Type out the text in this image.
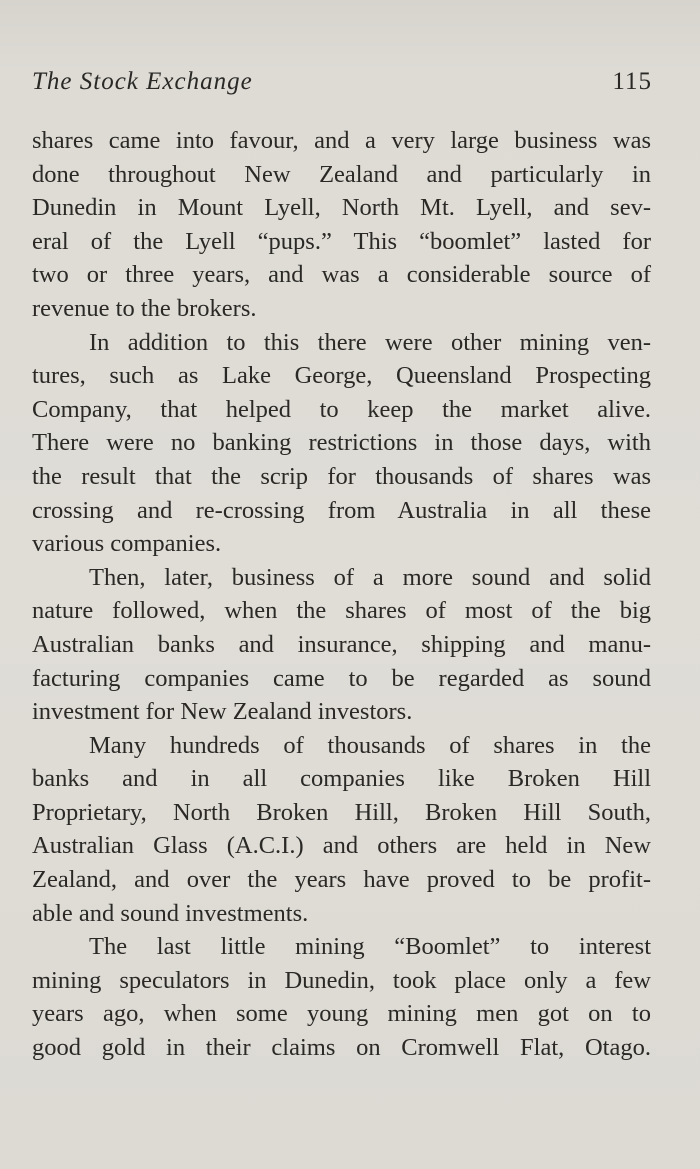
The Stock Exchange	115
shares came into favour, and a very large business was
done throughout New Zealand and particularly in
Dunedin in Mount Lyell, North Mt. Lyell, and sev-
eral of the Lyell “pups.” This “boomlet” lasted for
two or three years, and was a considerable source of
revenue to the brokers.
In addition to this there were other mining ven-
tures, such as Lake George, Queensland Prospecting
Company, that helped to keep the market alive.
There were no banking restrictions in those days, with
the result that the scrip for thousands of shares was
crossing and re-crossing from Australia in all these
various companies.
Then, later, business of a more sound and solid
nature followed, when the shares of most of the big
Australian banks and insurance, shipping and manu-
facturing companies came to be regarded as sound
investment for New Zealand investors.
Many hundreds of thousands of shares in the
banks and in all companies like Broken Hill
Proprietary, North Broken Hill, Broken Hill South,
Australian Glass (A.C.I.) and others are held in New
Zealand, and over the years have proved to be profit-
able and sound investments.
The last little mining “Boomlet” to interest
mining speculators in Dunedin, took place only a few
years ago, when some young mining men got on to
good gold in their claims on Cromwell Flat, Otago.
